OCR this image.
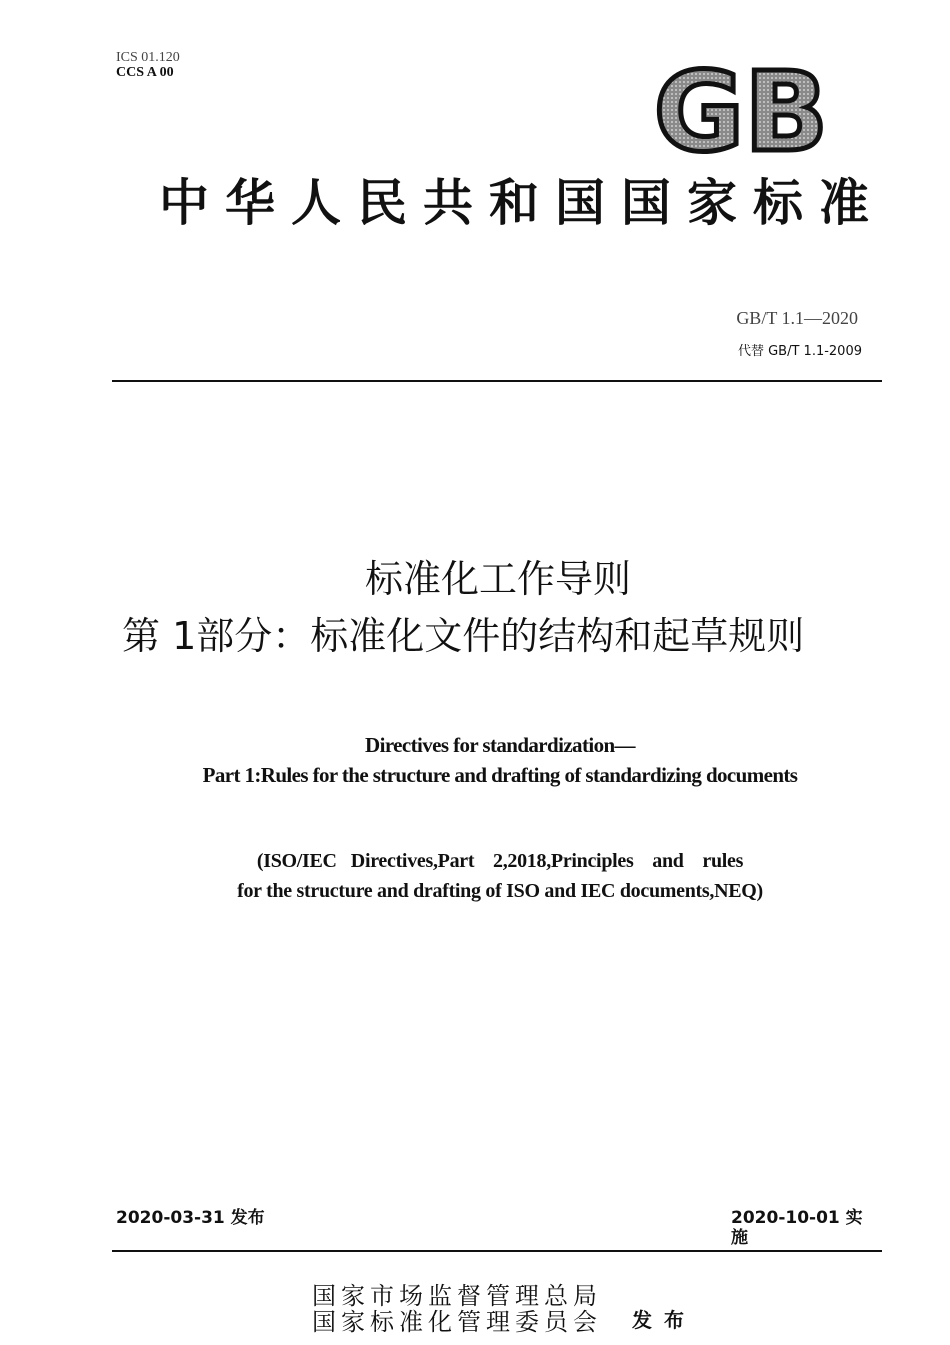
ICS 01.120
CCS A 00	GB
中华人民共和国国家标准
GB/T 1.1—2020
代替 GB/T 1.1-2009
标准化工作导则
第 1部分：标准化文件的结构和起草规则
Directives for standardization—
Part 1:Rules for the structure and drafting of standardizing documents
(ISO/IEC   Directives,Part    2,2018,Principles    and    rules
for the structure and drafting of ISO and IEC documents,NEQ)
2020-03-31 发布	2020-10-01 实施
国家市场监督管理总局
国家标准化管理委员会 发布
